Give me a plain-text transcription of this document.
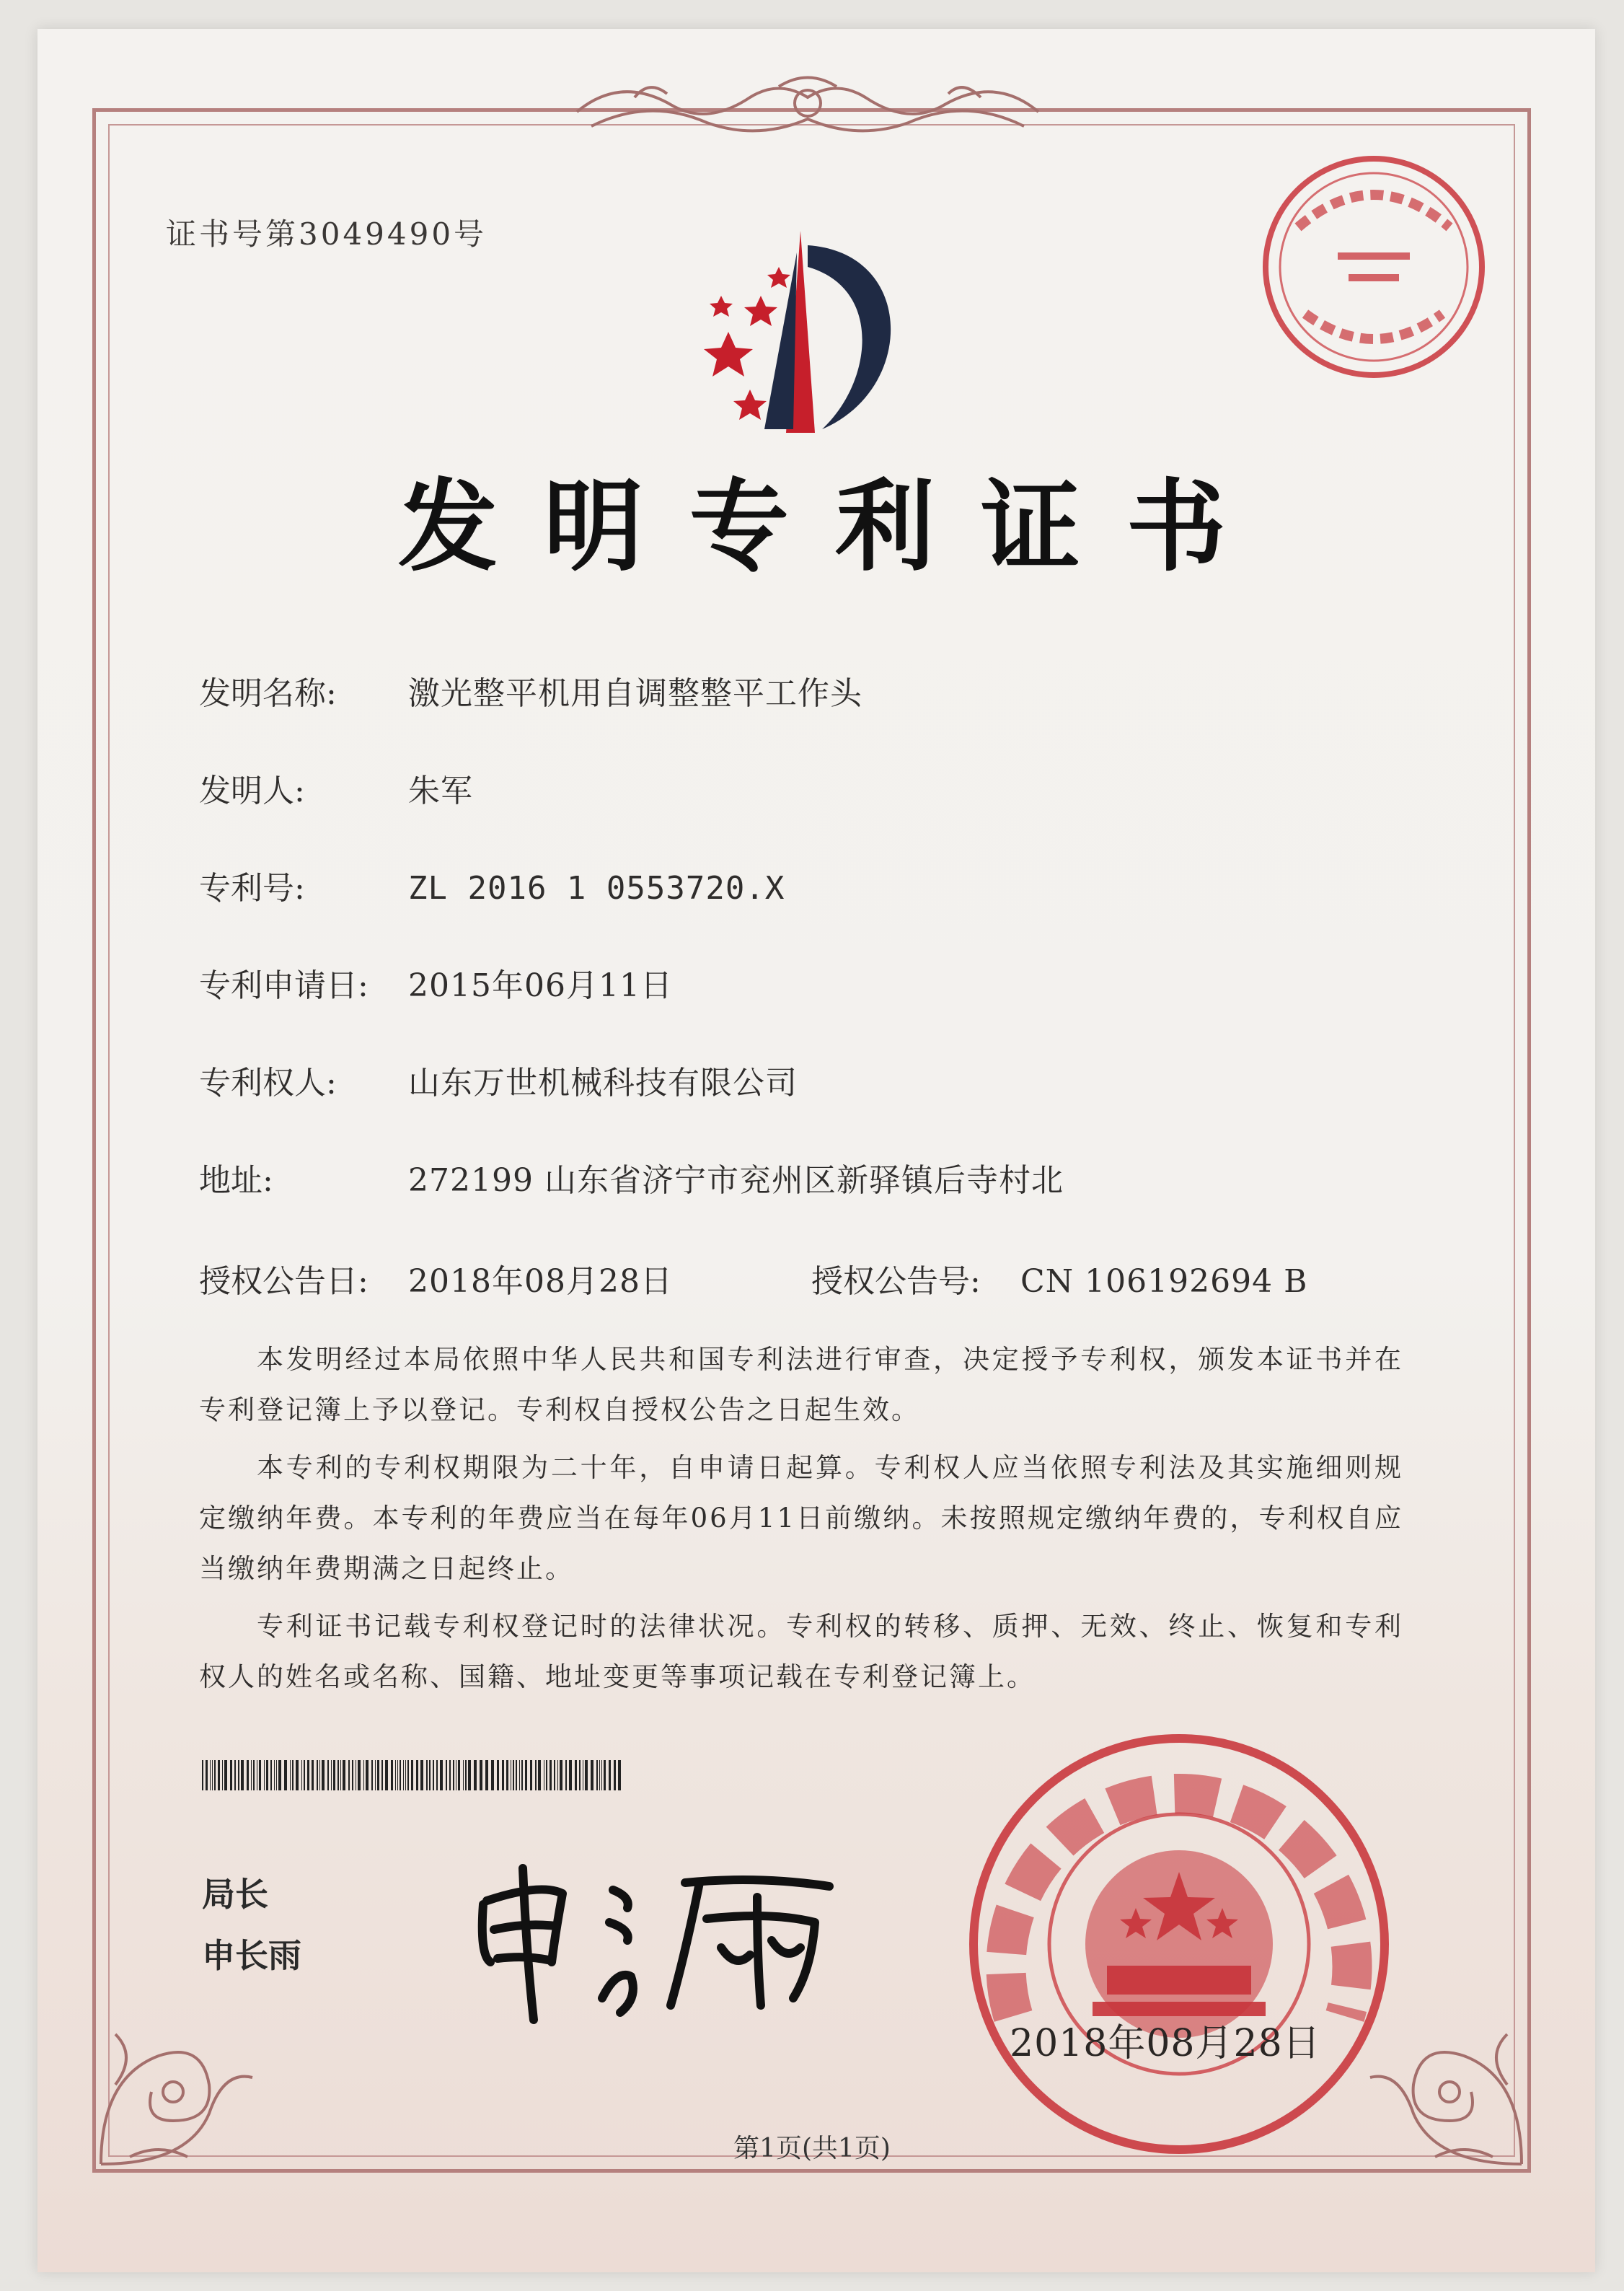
证书号第3049490号
发明专利证书
发明名称: 激光整平机用自调整整平工作头
发明人:	朱军
专利号:	ZL 2016 1 0553720.X
专利申请日: 2015年06月11日
专利权人: 山东万世机械科技有限公司
地址:	272199 山东省济宁市兖州区新驿镇后寺村北
授权公告日: 2018年08月28日	授权公告号: CN 106192694 B

本发明经过本局依照中华人民共和国专利法进行审查，决定授予专利权，颁发本证书并在专利登记簿上予以登记。专利权自授权公告之日起生效。

本专利的专利权期限为二十年，自申请日起算。专利权人应当依照专利法及其实施细则规定缴纳年费。本专利的年费应当在每年06月11日前缴纳。未按照规定缴纳年费的，专利权自应当缴纳年费期满之日起终止。

专利证书记载专利权登记时的法律状况。专利权的转移、质押、无效、终止、恢复和专利权人的姓名或名称、国籍、地址变更等事项记载在专利登记簿上。

局长
申长雨
2018年08月28日
第1页(共1页)
